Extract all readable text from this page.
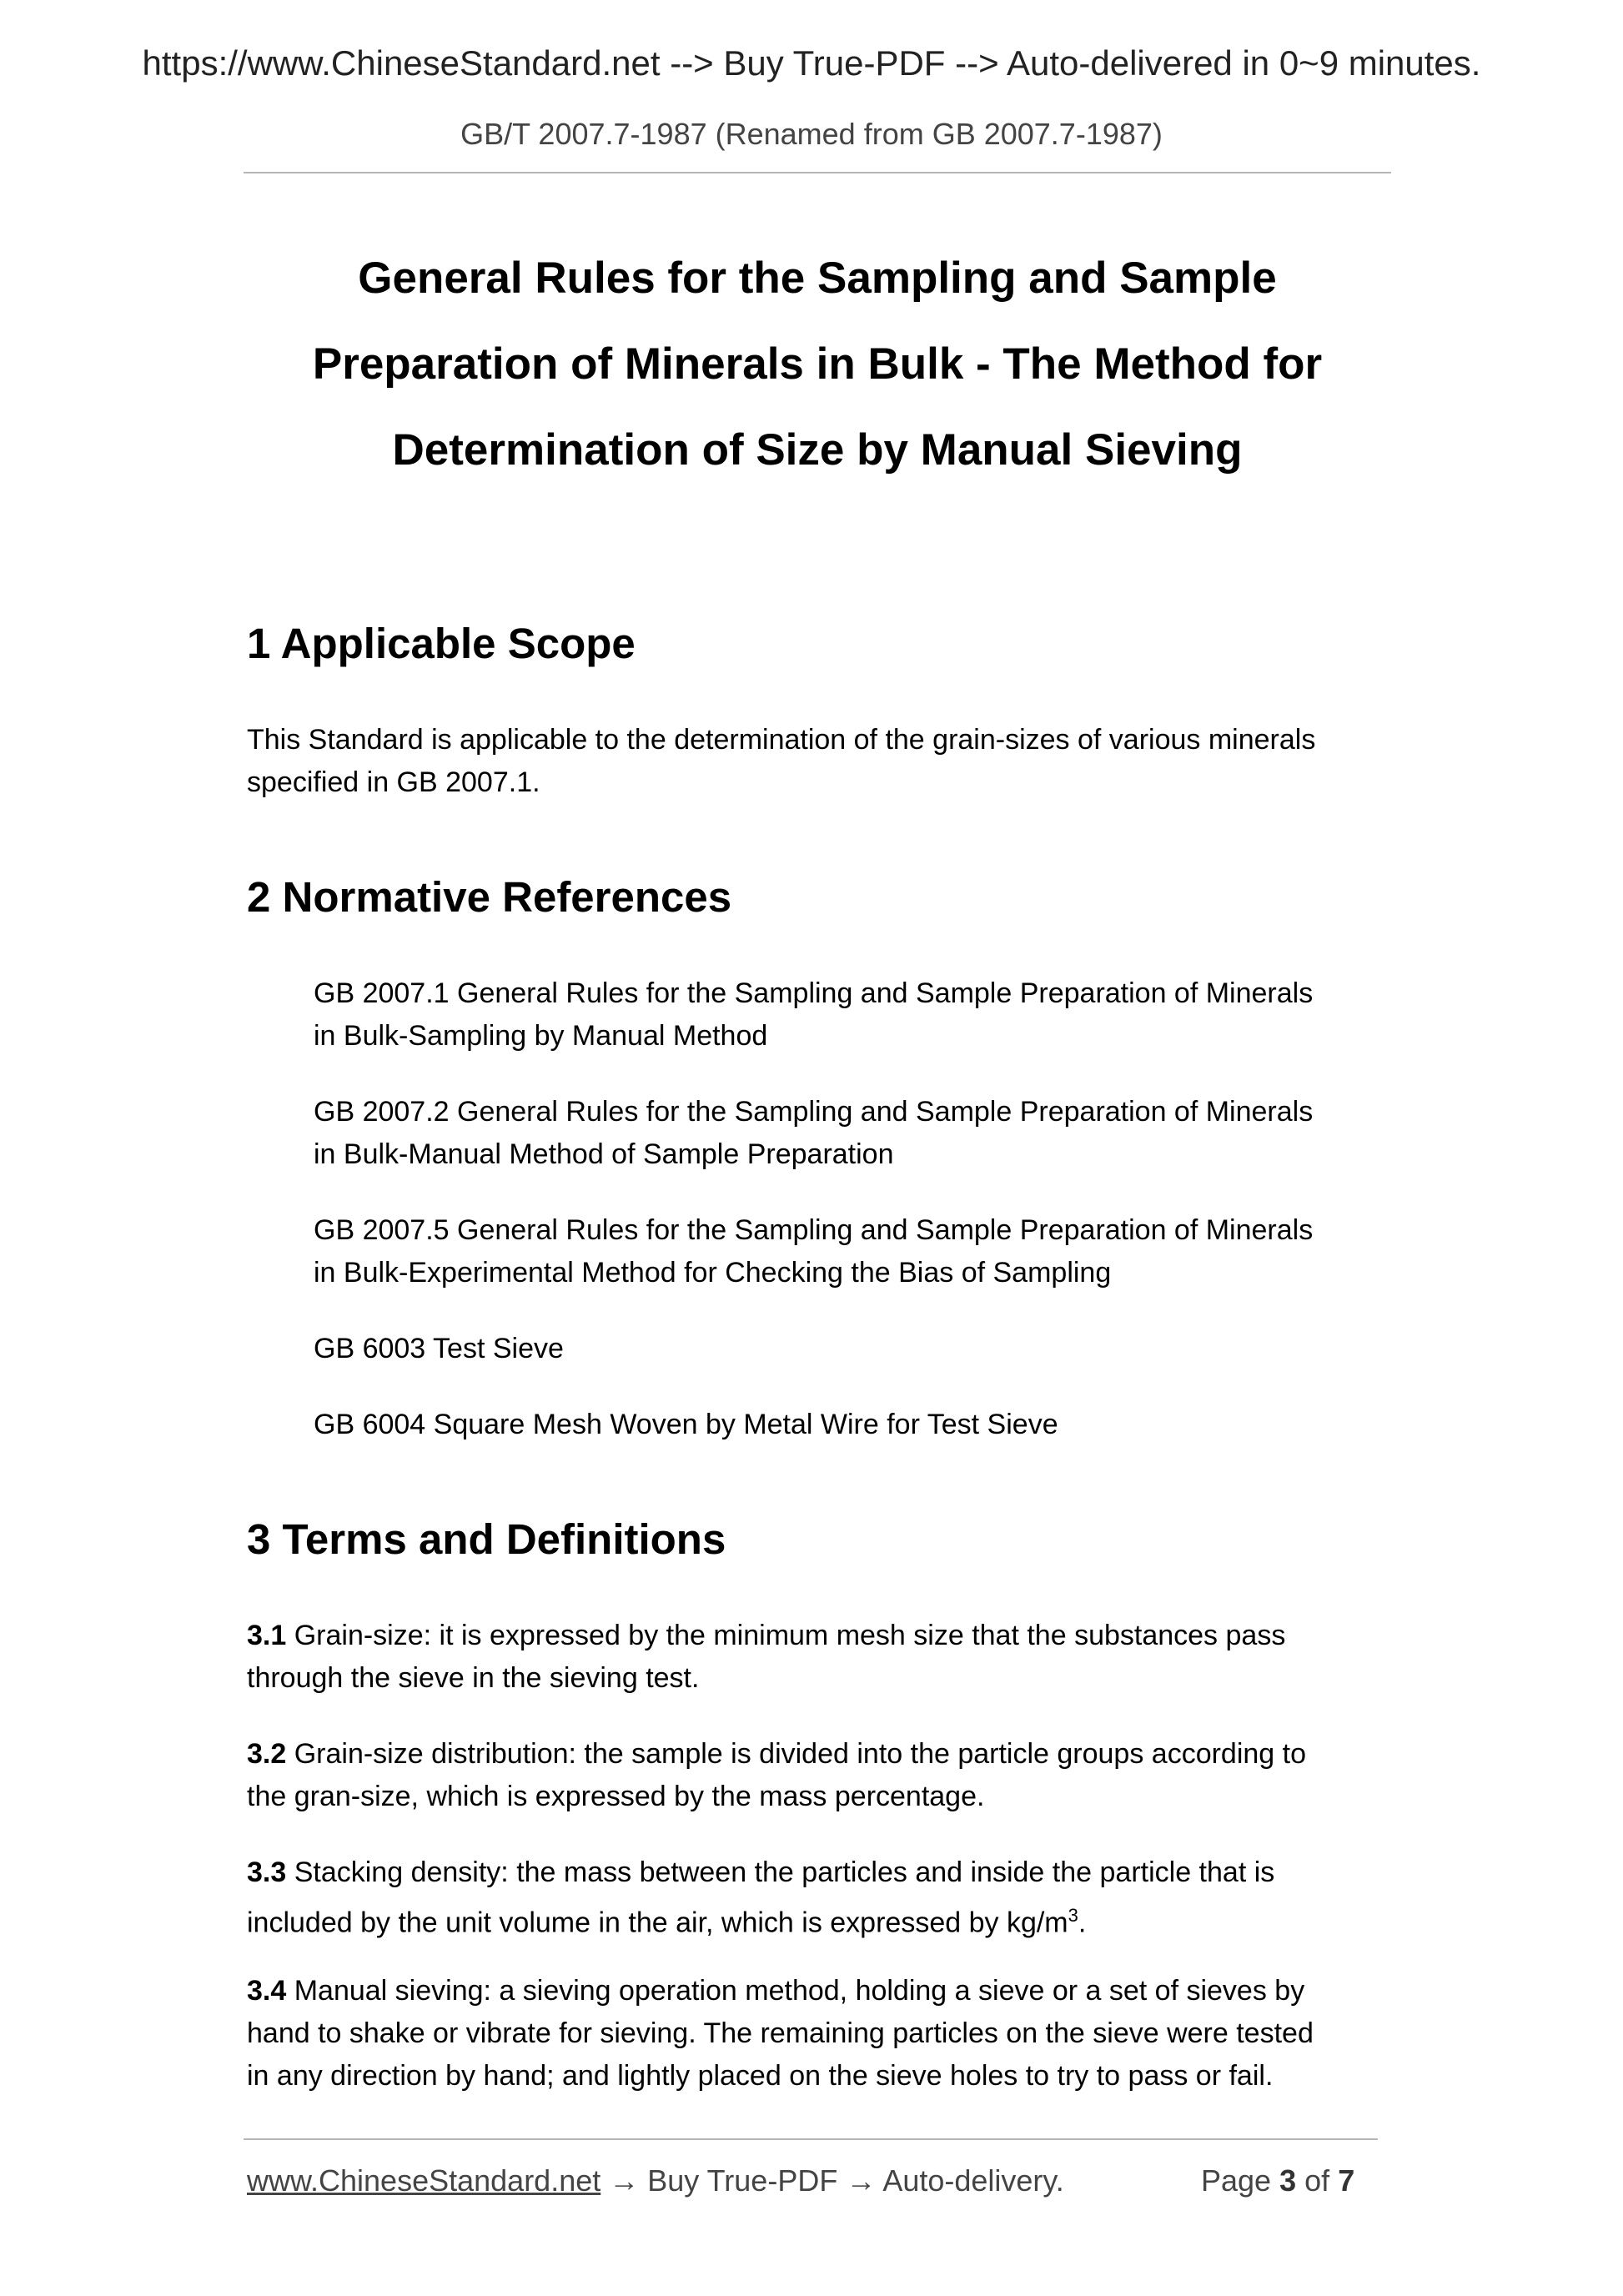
https://www.ChineseStandard.net --> Buy True-PDF --> Auto-delivered in 0~9 minutes.
GB/T 2007.7-1987 (Renamed from GB 2007.7-1987)
General Rules for the Sampling and Sample
Preparation of Minerals in Bulk - The Method for
Determination of Size by Manual Sieving
1 Applicable Scope

This Standard is applicable to the determination of the grain-sizes of various minerals
specified in GB 2007.1.

2 Normative References

GB 2007.1 General Rules for the Sampling and Sample Preparation of Minerals
in Bulk-Sampling by Manual Method

GB 2007.2 General Rules for the Sampling and Sample Preparation of Minerals
in Bulk-Manual Method of Sample Preparation

GB 2007.5 General Rules for the Sampling and Sample Preparation of Minerals
in Bulk-Experimental Method for Checking the Bias of Sampling

GB 6003 Test Sieve

GB 6004 Square Mesh Woven by Metal Wire for Test Sieve

3 Terms and Definitions

3.1 Grain-size: it is expressed by the minimum mesh size that the substances pass
through the sieve in the sieving test.

3.2 Grain-size distribution: the sample is divided into the particle groups according to
the gran-size, which is expressed by the mass percentage.

3.3 Stacking density: the mass between the particles and inside the particle that is
included by the unit volume in the air, which is expressed by $kg/m^3$.

3.4 Manual sieving: a sieving operation method, holding a sieve or a set of sieves by
hand to shake or vibrate for sieving. The remaining particles on the sieve were tested
in any direction by hand; and lightly placed on the sieve holes to try to pass or fail.

www.ChineseStandard.net → Buy True-PDF → Auto-delivery.	Page 3 of 7
